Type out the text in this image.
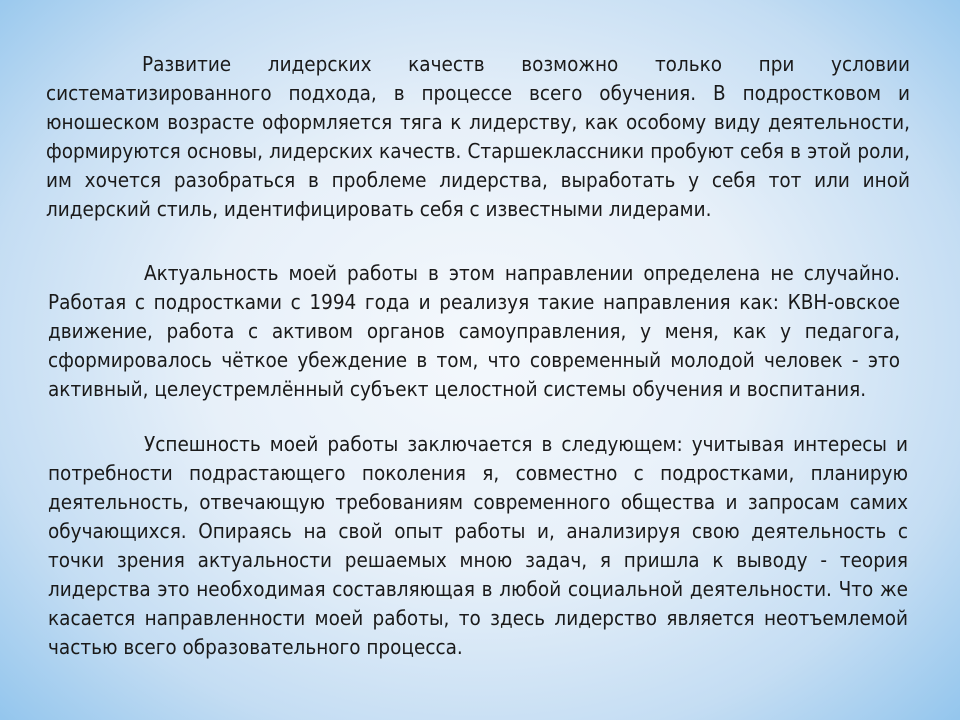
Развитие лидерских качеств возможно только при условии систематизированного подхода, в процессе всего обучения. В подростковом и юношеском возрасте оформляется тяга к лидерству, как особому виду деятельности, формируются основы, лидерских качеств. Старшеклассники пробуют себя в этой роли, им хочется разобраться в проблеме лидерства, выработать у себя тот или иной лидерский стиль, идентифицировать себя с известными лидерами.

Актуальность моей работы в этом направлении определена не случайно. Работая с подростками с 1994 года и реализуя такие направления как: КВН-овское движение, работа с активом органов самоуправления, у меня, как у педагога, сформировалось чёткое убеждение в том, что современный молодой человек - это активный, целеустремлённый субъект целостной системы обучения и воспитания.

Успешность моей работы заключается в следующем: учитывая интересы и потребности подрастающего поколения я, совместно с подростками, планирую деятельность, отвечающую требованиям современного общества и запросам самих обучающихся. Опираясь на свой опыт работы и, анализируя свою деятельность с точки зрения актуальности решаемых мною задач, я пришла к выводу - теория лидерства это необходимая составляющая в любой социальной деятельности. Что же касается направленности моей работы, то здесь лидерство является неотъемлемой частью всего образовательного процесса.
